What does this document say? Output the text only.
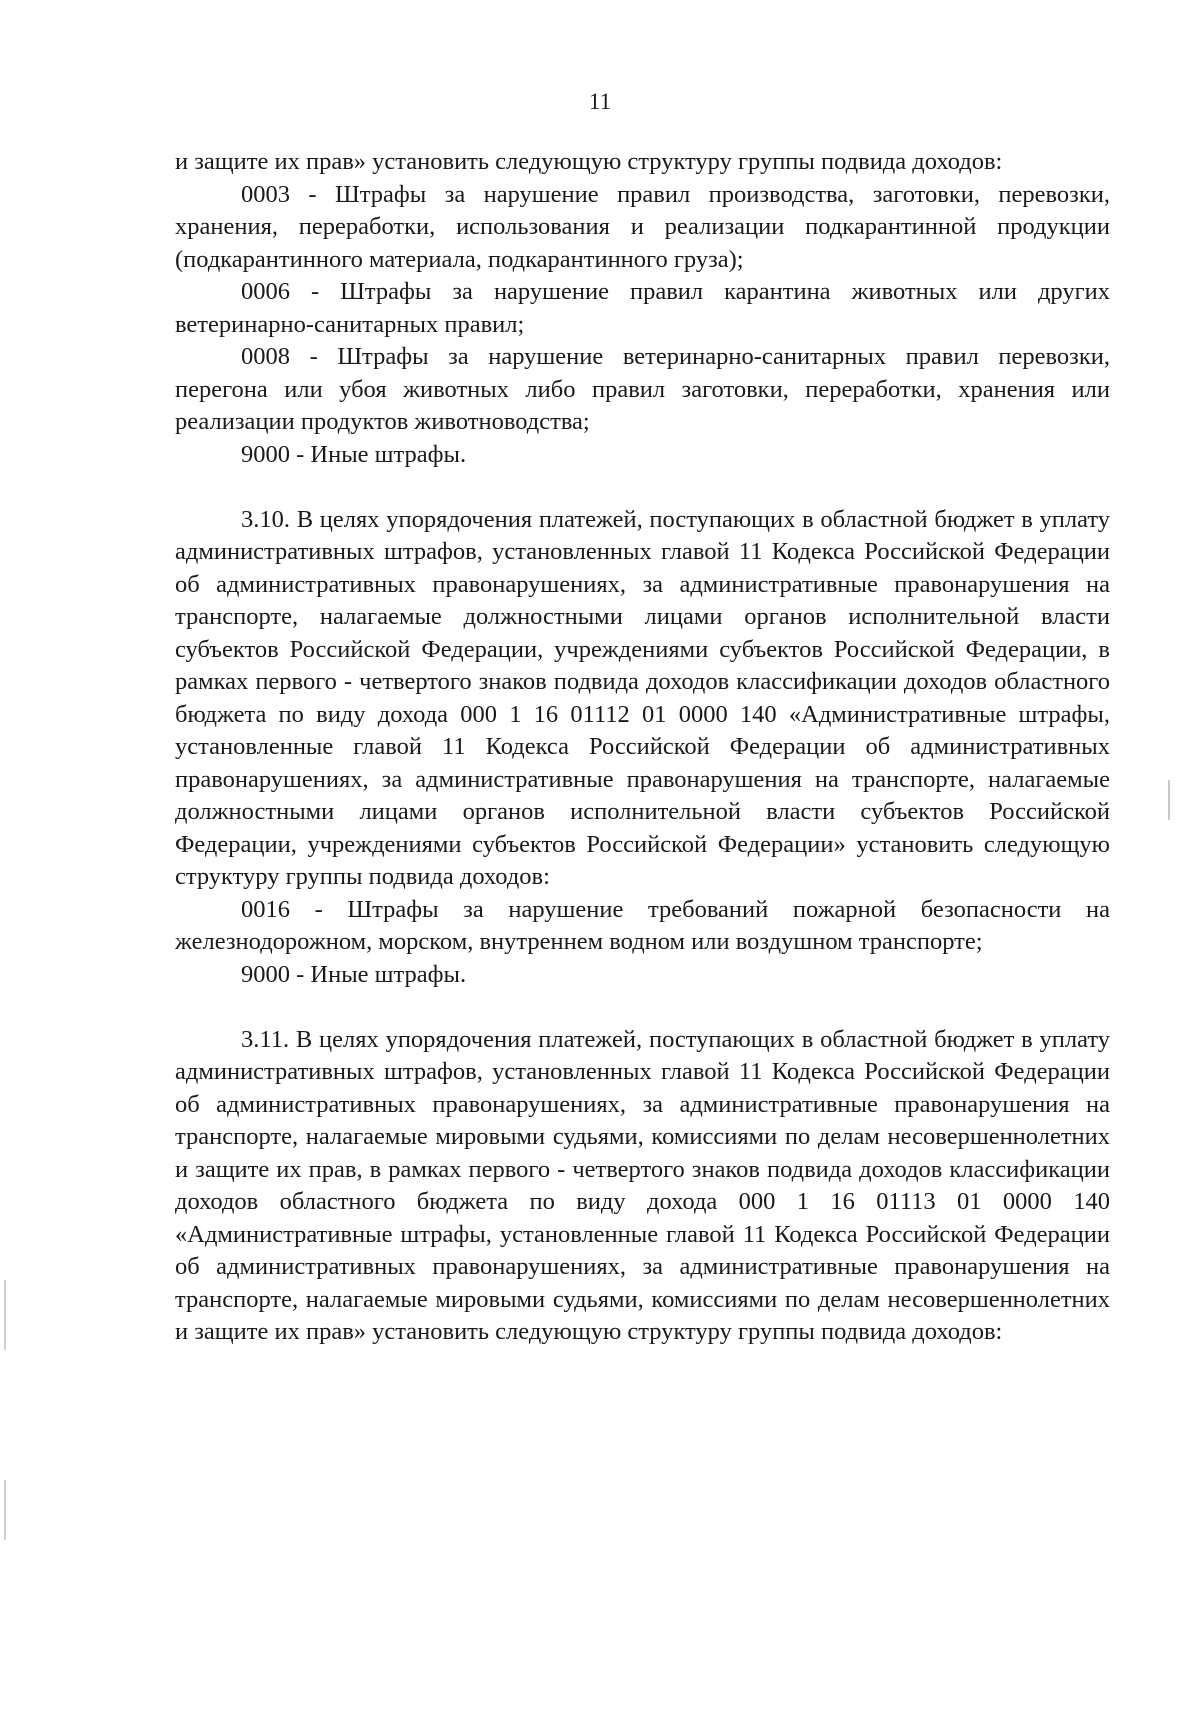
11

и защите их прав» установить следующую структуру группы подвида доходов:

0003 - Штрафы за нарушение правил производства, заготовки, перевозки, хранения, переработки, использования и реализации подкарантинной продукции (подкарантинного материала, подкарантинного груза);

0006 - Штрафы за нарушение правил карантина животных или других ветеринарно-санитарных правил;

0008 - Штрафы за нарушение ветеринарно-санитарных правил перевозки, перегона или убоя животных либо правил заготовки, переработки, хранения или реализации продуктов животноводства;

9000 - Иные штрафы.

3.10. В целях упорядочения платежей, поступающих в областной бюджет в уплату административных штрафов, установленных главой 11 Кодекса Российской Федерации об административных правонарушениях, за административные правонарушения на транспорте, налагаемые должностными лицами органов исполнительной власти субъектов Российской Федерации, учреждениями субъектов Российской Федерации, в рамках первого - четвертого знаков подвида доходов классификации доходов областного бюджета по виду дохода 000 1 16 01112 01 0000 140 «Административные штрафы, установленные главой 11 Кодекса Российской Федерации об административных правонарушениях, за административные правонарушения на транспорте, налагаемые должностными лицами органов исполнительной власти субъектов Российской Федерации, учреждениями субъектов Российской Федерации» установить следующую структуру группы подвида доходов:

0016 - Штрафы за нарушение требований пожарной безопасности на железнодорожном, морском, внутреннем водном или воздушном транспорте;

9000 - Иные штрафы.

3.11. В целях упорядочения платежей, поступающих в областной бюджет в уплату административных штрафов, установленных главой 11 Кодекса Российской Федерации об административных правонарушениях, за административные правонарушения на транспорте, налагаемые мировыми судьями, комиссиями по делам несовершеннолетних и защите их прав, в рамках первого - четвертого знаков подвида доходов классификации доходов областного бюджета по виду дохода 000 1 16 01113 01 0000 140 «Административные штрафы, установленные главой 11 Кодекса Российской Федерации об административных правонарушениях, за административные правонарушения на транспорте, налагаемые мировыми судьями, комиссиями по делам несовершеннолетних и защите их прав» установить следующую структуру группы подвида доходов:
